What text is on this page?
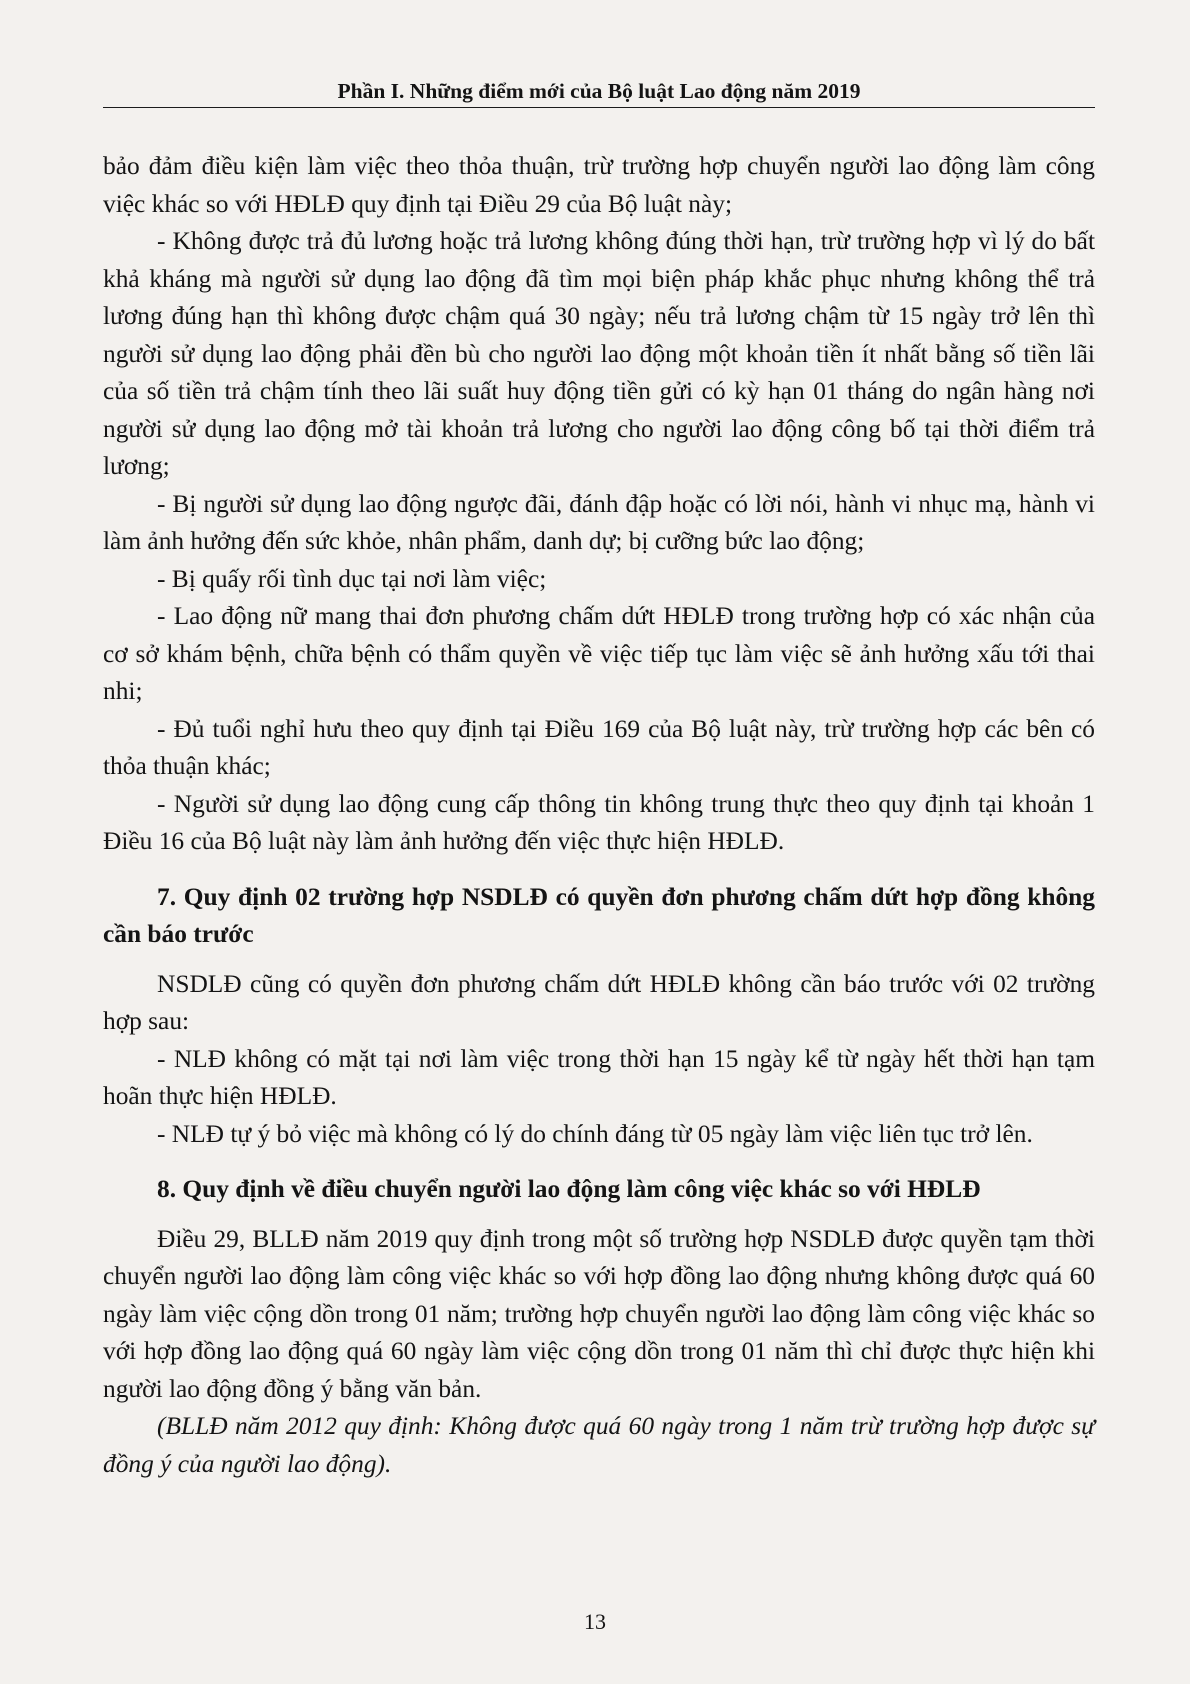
Phần I. Những điểm mới của Bộ luật Lao động năm 2019

bảo đảm điều kiện làm việc theo thỏa thuận, trừ trường hợp chuyển người lao động làm công việc khác so với HĐLĐ quy định tại Điều 29 của Bộ luật này;

- Không được trả đủ lương hoặc trả lương không đúng thời hạn, trừ trường hợp vì lý do bất khả kháng mà người sử dụng lao động đã tìm mọi biện pháp khắc phục nhưng không thể trả lương đúng hạn thì không được chậm quá 30 ngày; nếu trả lương chậm từ 15 ngày trở lên thì người sử dụng lao động phải đền bù cho người lao động một khoản tiền ít nhất bằng số tiền lãi của số tiền trả chậm tính theo lãi suất huy động tiền gửi có kỳ hạn 01 tháng do ngân hàng nơi người sử dụng lao động mở tài khoản trả lương cho người lao động công bố tại thời điểm trả lương;

- Bị người sử dụng lao động ngược đãi, đánh đập hoặc có lời nói, hành vi nhục mạ, hành vi làm ảnh hưởng đến sức khỏe, nhân phẩm, danh dự; bị cưỡng bức lao động;

- Bị quấy rối tình dục tại nơi làm việc;

- Lao động nữ mang thai đơn phương chấm dứt HĐLĐ trong trường hợp có xác nhận của cơ sở khám bệnh, chữa bệnh có thẩm quyền về việc tiếp tục làm việc sẽ ảnh hưởng xấu tới thai nhi;

- Đủ tuổi nghỉ hưu theo quy định tại Điều 169 của Bộ luật này, trừ trường hợp các bên có thỏa thuận khác;

- Người sử dụng lao động cung cấp thông tin không trung thực theo quy định tại khoản 1 Điều 16 của Bộ luật này làm ảnh hưởng đến việc thực hiện HĐLĐ.

7. Quy định 02 trường hợp NSDLĐ có quyền đơn phương chấm dứt hợp đồng không cần báo trước

NSDLĐ cũng có quyền đơn phương chấm dứt HĐLĐ không cần báo trước với 02 trường hợp sau:

- NLĐ không có mặt tại nơi làm việc trong thời hạn 15 ngày kể từ ngày hết thời hạn tạm hoãn thực hiện HĐLĐ.

- NLĐ tự ý bỏ việc mà không có lý do chính đáng từ 05 ngày làm việc liên tục trở lên.

8. Quy định về điều chuyển người lao động làm công việc khác so với HĐLĐ

Điều 29, BLLĐ năm 2019 quy định trong một số trường hợp NSDLĐ được quyền tạm thời chuyển người lao động làm công việc khác so với hợp đồng lao động nhưng không được quá 60 ngày làm việc cộng dồn trong 01 năm; trường hợp chuyển người lao động làm công việc khác so với hợp đồng lao động quá 60 ngày làm việc cộng dồn trong 01 năm thì chỉ được thực hiện khi người lao động đồng ý bằng văn bản.

(BLLĐ năm 2012 quy định: Không được quá 60 ngày trong 1 năm trừ trường hợp được sự đồng ý của người lao động).

13
